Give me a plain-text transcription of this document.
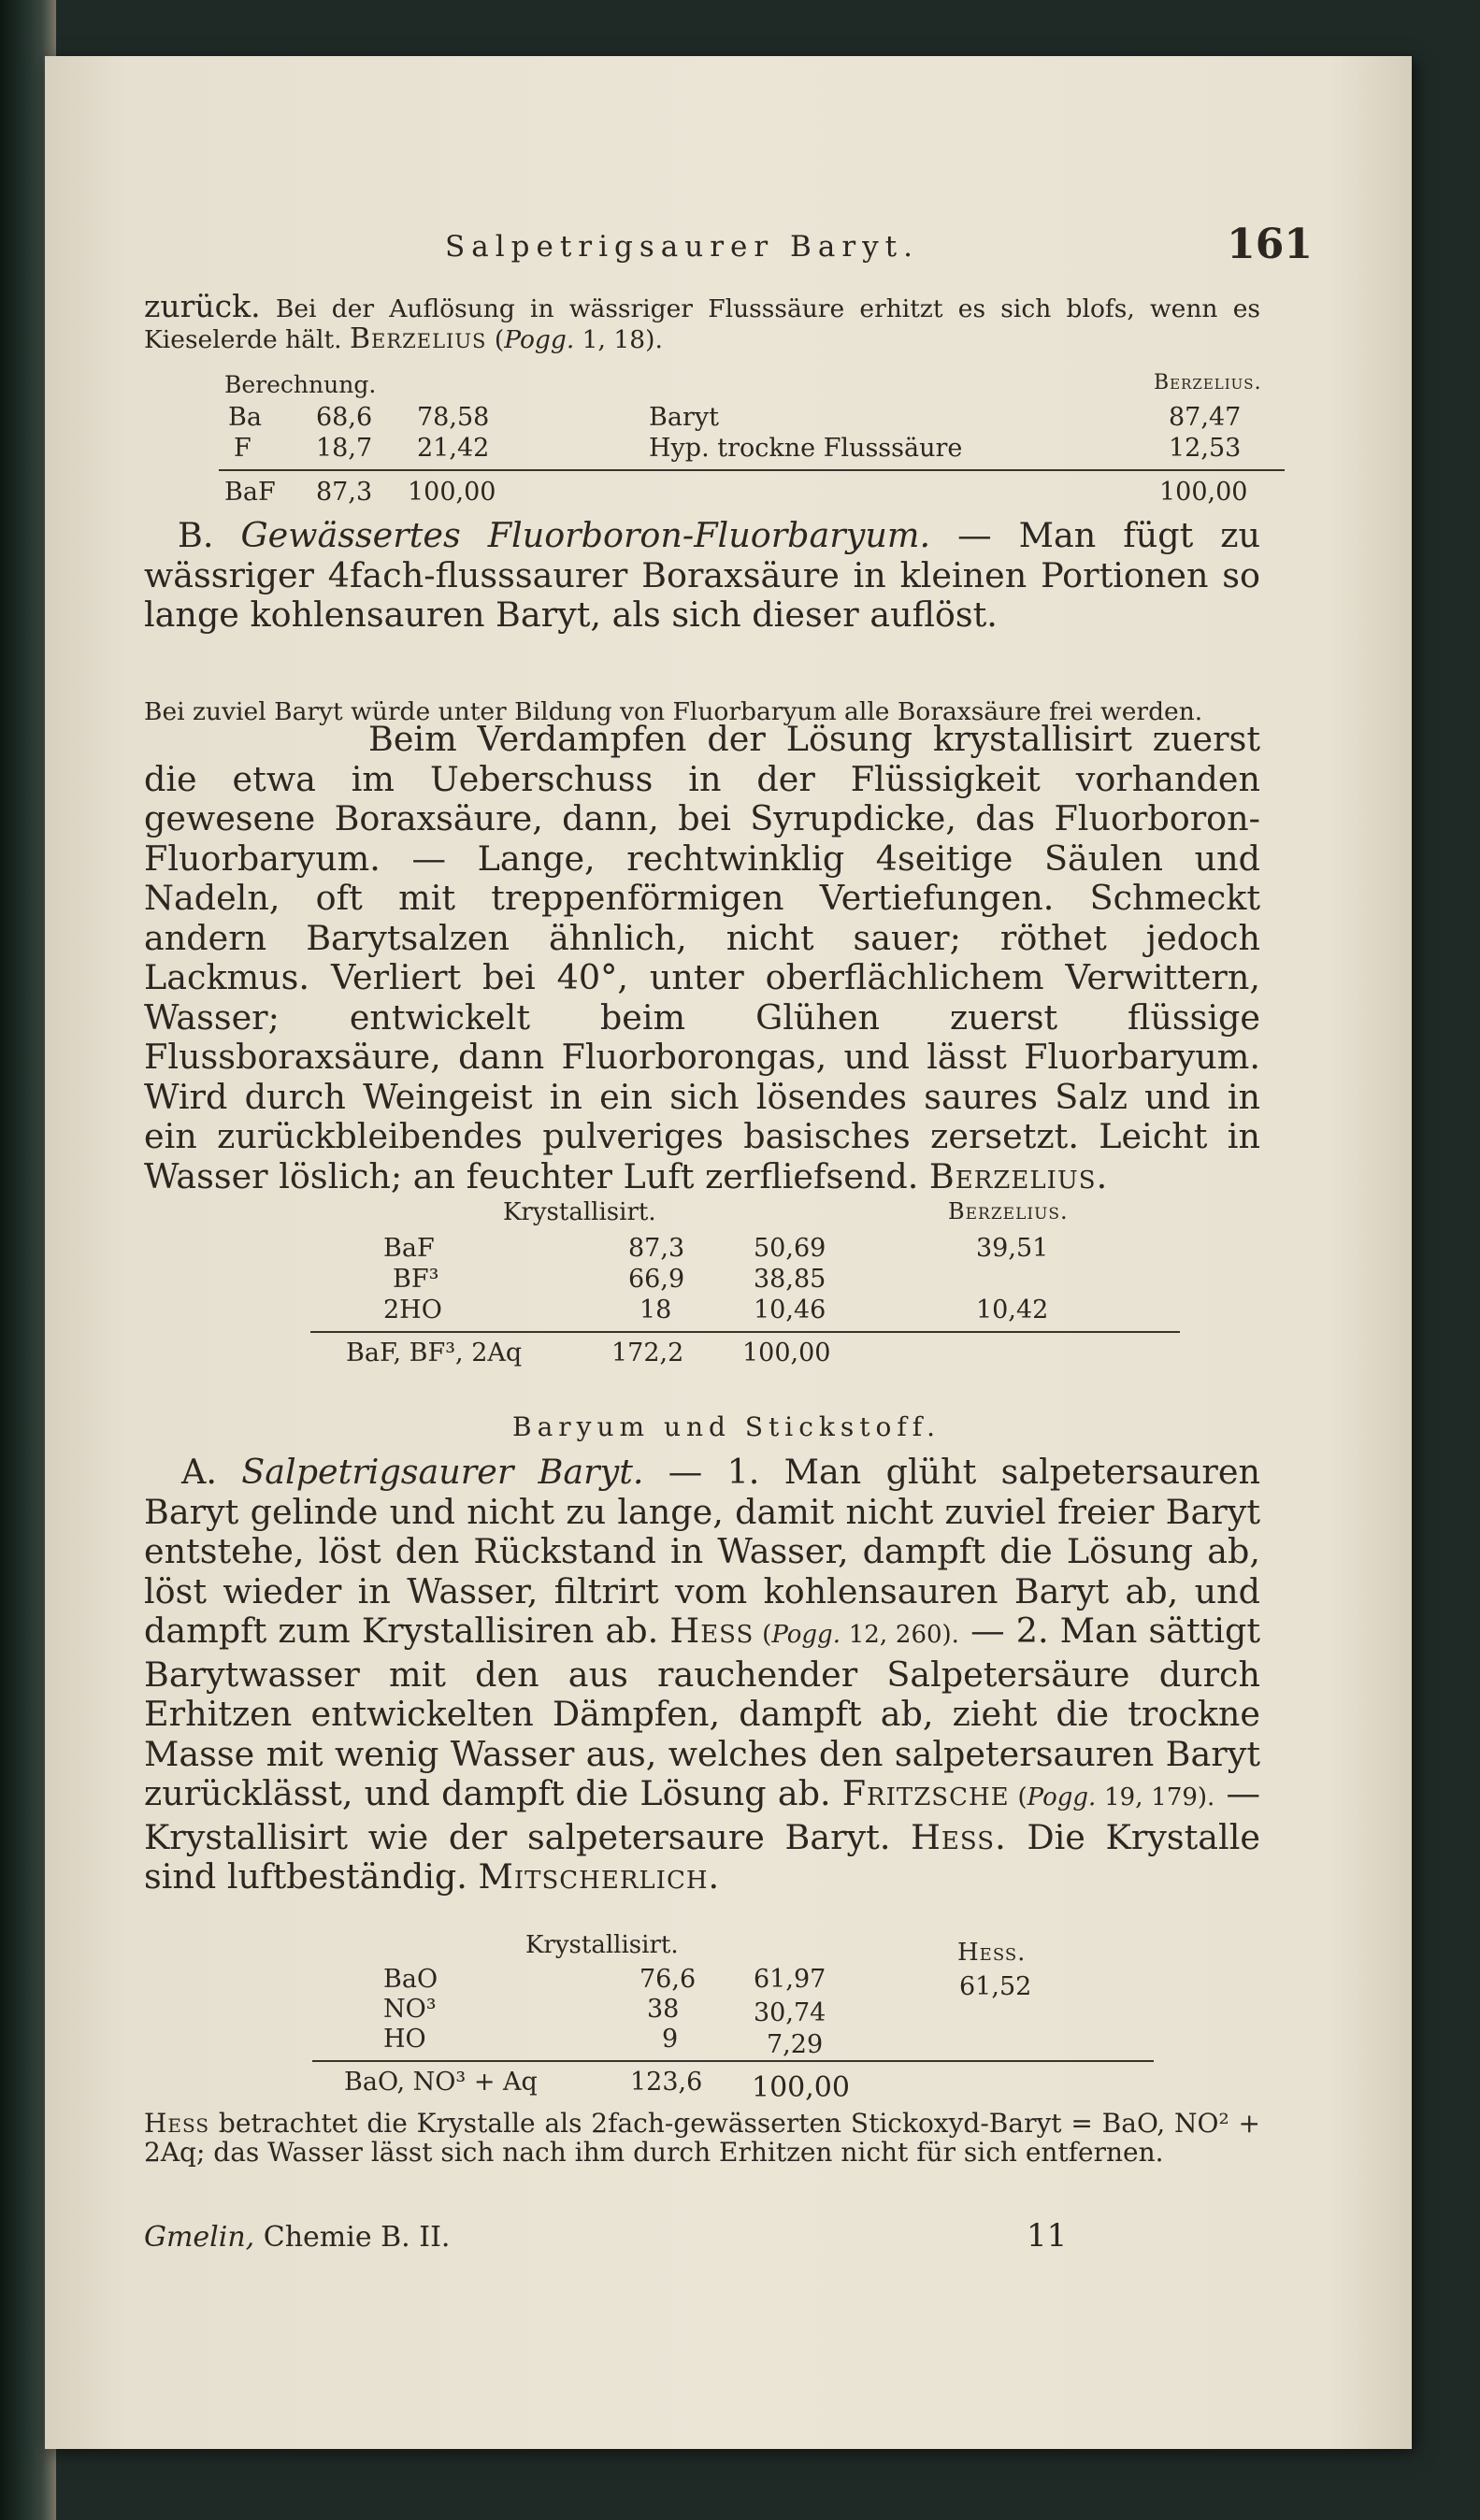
Salpetrigsaurer Baryt.	161

zurück. Bei der Auflösung in wässriger Flusssäure erhitzt es sich blofs, wenn es Kieselerde hält. Berzelius (Pogg. 1, 18).

Berechnung.	Berzelius.
Ba 68,6 78,58	Baryt	87,47
F	18,7 21,42	Hyp. trockne Flusssäure	12,53
BaF 87,3 100,00	100,00

B. Gewässertes Fluorboron-Fluorbaryum. — Man fügt zu wässriger 4fach-flusssaurer Boraxsäure in kleinen Portionen so lange kohlensauren Baryt, als sich dieser auflöst.

Bei zuviel Baryt würde unter Bildung von Fluorbaryum alle Boraxsäure frei werden.

Beim Verdampfen der Lösung krystallisirt zuerst die etwa im Ueberschuss in der Flüssigkeit vorhanden gewesene Boraxsäure, dann, bei Syrupdicke, das Fluorboron-Fluorbaryum. — Lange, rechtwinklig 4seitige Säulen und Nadeln, oft mit treppenförmigen Vertiefungen. Schmeckt andern Barytsalzen ähnlich, nicht sauer; röthet jedoch Lackmus. Verliert bei 40°, unter oberflächlichem Verwittern, Wasser; entwickelt beim Glühen zuerst flüssige Flussboraxsäure, dann Fluorborongas, und lässt Fluorbaryum. Wird durch Weingeist in ein sich lösendes saures Salz und in ein zurückbleibendes pulveriges basisches zersetzt. Leicht in Wasser löslich; an feuchter Luft zerfliefsend. Berzelius.

Krystallisirt.	Berzelius.
BaF	87,3	50,69	39,51
BF³	66,9	38,85
2HO	18	10,46	10,42
BaF, BF³, 2Aq	172,2 100,00
Baryum und Stickstoff.

A. Salpetrigsaurer Baryt. — 1. Man glüht salpetersauren Baryt gelinde und nicht zu lange, damit nicht zuviel freier Baryt entstehe, löst den Rückstand in Wasser, dampft die Lösung ab, löst wieder in Wasser, filtrirt vom kohlensauren Baryt ab, und dampft zum Krystallisiren ab. Hess (Pogg. 12, 260). — 2. Man sättigt Barytwasser mit den aus rauchender Salpetersäure durch Erhitzen entwickelten Dämpfen, dampft ab, zieht die trockne Masse mit wenig Wasser aus, welches den salpetersauren Baryt zurücklässt, und dampft die Lösung ab. Fritzsche (Pogg. 19, 179). — Krystallisirt wie der salpetersaure Baryt. Hess. Die Krystalle sind luftbeständig. Mitscherlich.

Krystallisirt.	Hess.
BaO	76,6 61,97	61,52
NO³	38	30,74
HO	9	7,29
BaO, NO³ + Aq	123,6 100,00

Hess betrachtet die Krystalle als 2fach-gewässerten Stickoxyd-Baryt = BaO, NO² + 2Aq; das Wasser lässt sich nach ihm durch Erhitzen nicht für sich entfernen.

Gmelin, Chemie B. II.	11
